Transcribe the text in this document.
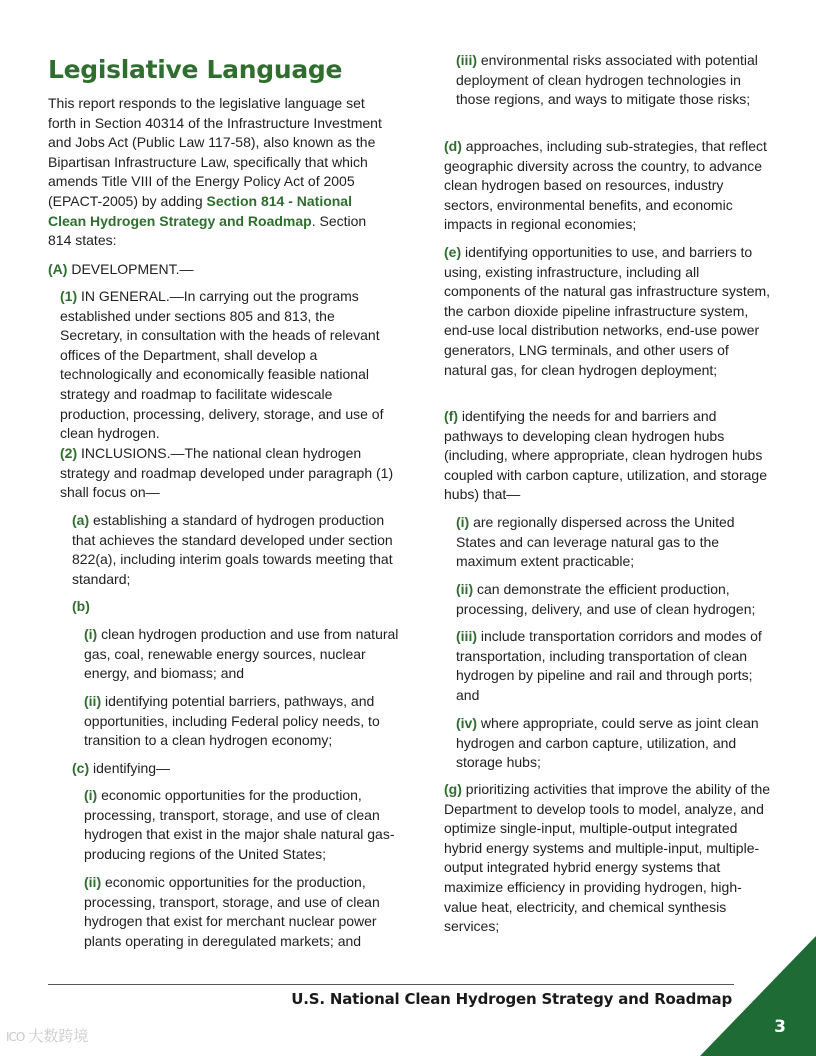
Legislative Language

This report responds to the legislative language set forth in Section 40314 of the Infrastructure Investment and Jobs Act (Public Law 117-58), also known as the Bipartisan Infrastructure Law, specifically that which amends Title VIII of the Energy Policy Act of 2005 (EPACT-2005) by adding Section 814 - National Clean Hydrogen Strategy and Roadmap. Section 814 states:

(A) DEVELOPMENT.—

(1) IN GENERAL.—In carrying out the programs established under sections 805 and 813, the Secretary, in consultation with the heads of relevant offices of the Department, shall develop a technologically and economically feasible national strategy and roadmap to facilitate widescale production, processing, delivery, storage, and use of clean hydrogen.

(2) INCLUSIONS.—The national clean hydrogen strategy and roadmap developed under paragraph (1) shall focus on—

(a) establishing a standard of hydrogen production that achieves the standard developed under section 822(a), including interim goals towards meeting that standard;

(b)

(i) clean hydrogen production and use from natural gas, coal, renewable energy sources, nuclear energy, and biomass; and

(ii) identifying potential barriers, pathways, and opportunities, including Federal policy needs, to transition to a clean hydrogen economy;

(c) identifying—

(i) economic opportunities for the production, processing, transport, storage, and use of clean hydrogen that exist in the major shale natural gas-producing regions of the United States;

(ii) economic opportunities for the production, processing, transport, storage, and use of clean hydrogen that exist for merchant nuclear power plants operating in deregulated markets; and

(iii) environmental risks associated with potential deployment of clean hydrogen technologies in those regions, and ways to mitigate those risks;

(d) approaches, including sub-strategies, that reflect geographic diversity across the country, to advance clean hydrogen based on resources, industry sectors, environmental benefits, and economic impacts in regional economies;

(e) identifying opportunities to use, and barriers to using, existing infrastructure, including all components of the natural gas infrastructure system, the carbon dioxide pipeline infrastructure system, end-use local distribution networks, end-use power generators, LNG terminals, and other users of natural gas, for clean hydrogen deployment;

(f) identifying the needs for and barriers and pathways to developing clean hydrogen hubs (including, where appropriate, clean hydrogen hubs coupled with carbon capture, utilization, and storage hubs) that—

(i) are regionally dispersed across the United States and can leverage natural gas to the maximum extent practicable;

(ii) can demonstrate the efficient production, processing, delivery, and use of clean hydrogen;

(iii) include transportation corridors and modes of transportation, including transportation of clean hydrogen by pipeline and rail and through ports; and

(iv) where appropriate, could serve as joint clean hydrogen and carbon capture, utilization, and storage hubs;

(g) prioritizing activities that improve the ability of the Department to develop tools to model, analyze, and optimize single-input, multiple-output integrated hybrid energy systems and multiple-input, multiple-output integrated hybrid energy systems that maximize efficiency in providing hydrogen, high-value heat, electricity, and chemical synthesis services;

U.S. National Clean Hydrogen Strategy and Roadmap
3
ICO 大数跨境
